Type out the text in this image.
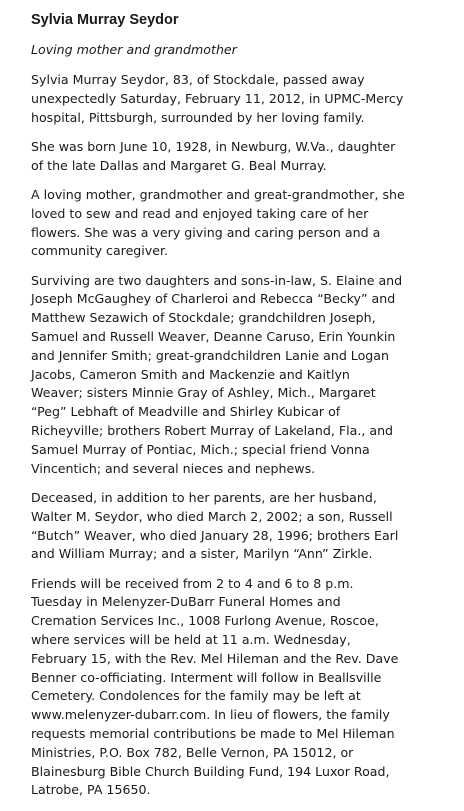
Sylvia Murray Seydor
Loving mother and grandmother
Sylvia Murray Seydor, 83, of Stockdale, passed away
unexpectedly Saturday, February 11, 2012, in UPMC-Mercy
hospital, Pittsburgh, surrounded by her loving family.
She was born June 10, 1928, in Newburg, W.Va., daughter
of the late Dallas and Margaret G. Beal Murray.
A loving mother, grandmother and great-grandmother, she
loved to sew and read and enjoyed taking care of her
flowers. She was a very giving and caring person and a
community caregiver.
Surviving are two daughters and sons-in-law, S. Elaine and
Joseph McGaughey of Charleroi and Rebecca “Becky” and
Matthew Sezawich of Stockdale; grandchildren Joseph,
Samuel and Russell Weaver, Deanne Caruso, Erin Younkin
and Jennifer Smith; great-grandchildren Lanie and Logan
Jacobs, Cameron Smith and Mackenzie and Kaitlyn
Weaver; sisters Minnie Gray of Ashley, Mich., Margaret
“Peg” Lebhaft of Meadville and Shirley Kubicar of
Richeyville; brothers Robert Murray of Lakeland, Fla., and
Samuel Murray of Pontiac, Mich.; special friend Vonna
Vincentich; and several nieces and nephews.
Deceased, in addition to her parents, are her husband,
Walter M. Seydor, who died March 2, 2002; a son, Russell
“Butch” Weaver, who died January 28, 1996; brothers Earl
and William Murray; and a sister, Marilyn “Ann” Zirkle.
Friends will be received from 2 to 4 and 6 to 8 p.m.
Tuesday in Melenyzer-DuBarr Funeral Homes and
Cremation Services Inc., 1008 Furlong Avenue, Roscoe,
where services will be held at 11 a.m. Wednesday,
February 15, with the Rev. Mel Hileman and the Rev. Dave
Benner co-officiating. Interment will follow in Beallsville
Cemetery. Condolences for the family may be left at
www.melenyzer-dubarr.com. In lieu of flowers, the family
requests memorial contributions be made to Mel Hileman
Ministries, P.O. Box 782, Belle Vernon, PA 15012, or
Blainesburg Bible Church Building Fund, 194 Luxor Road,
Latrobe, PA 15650.
